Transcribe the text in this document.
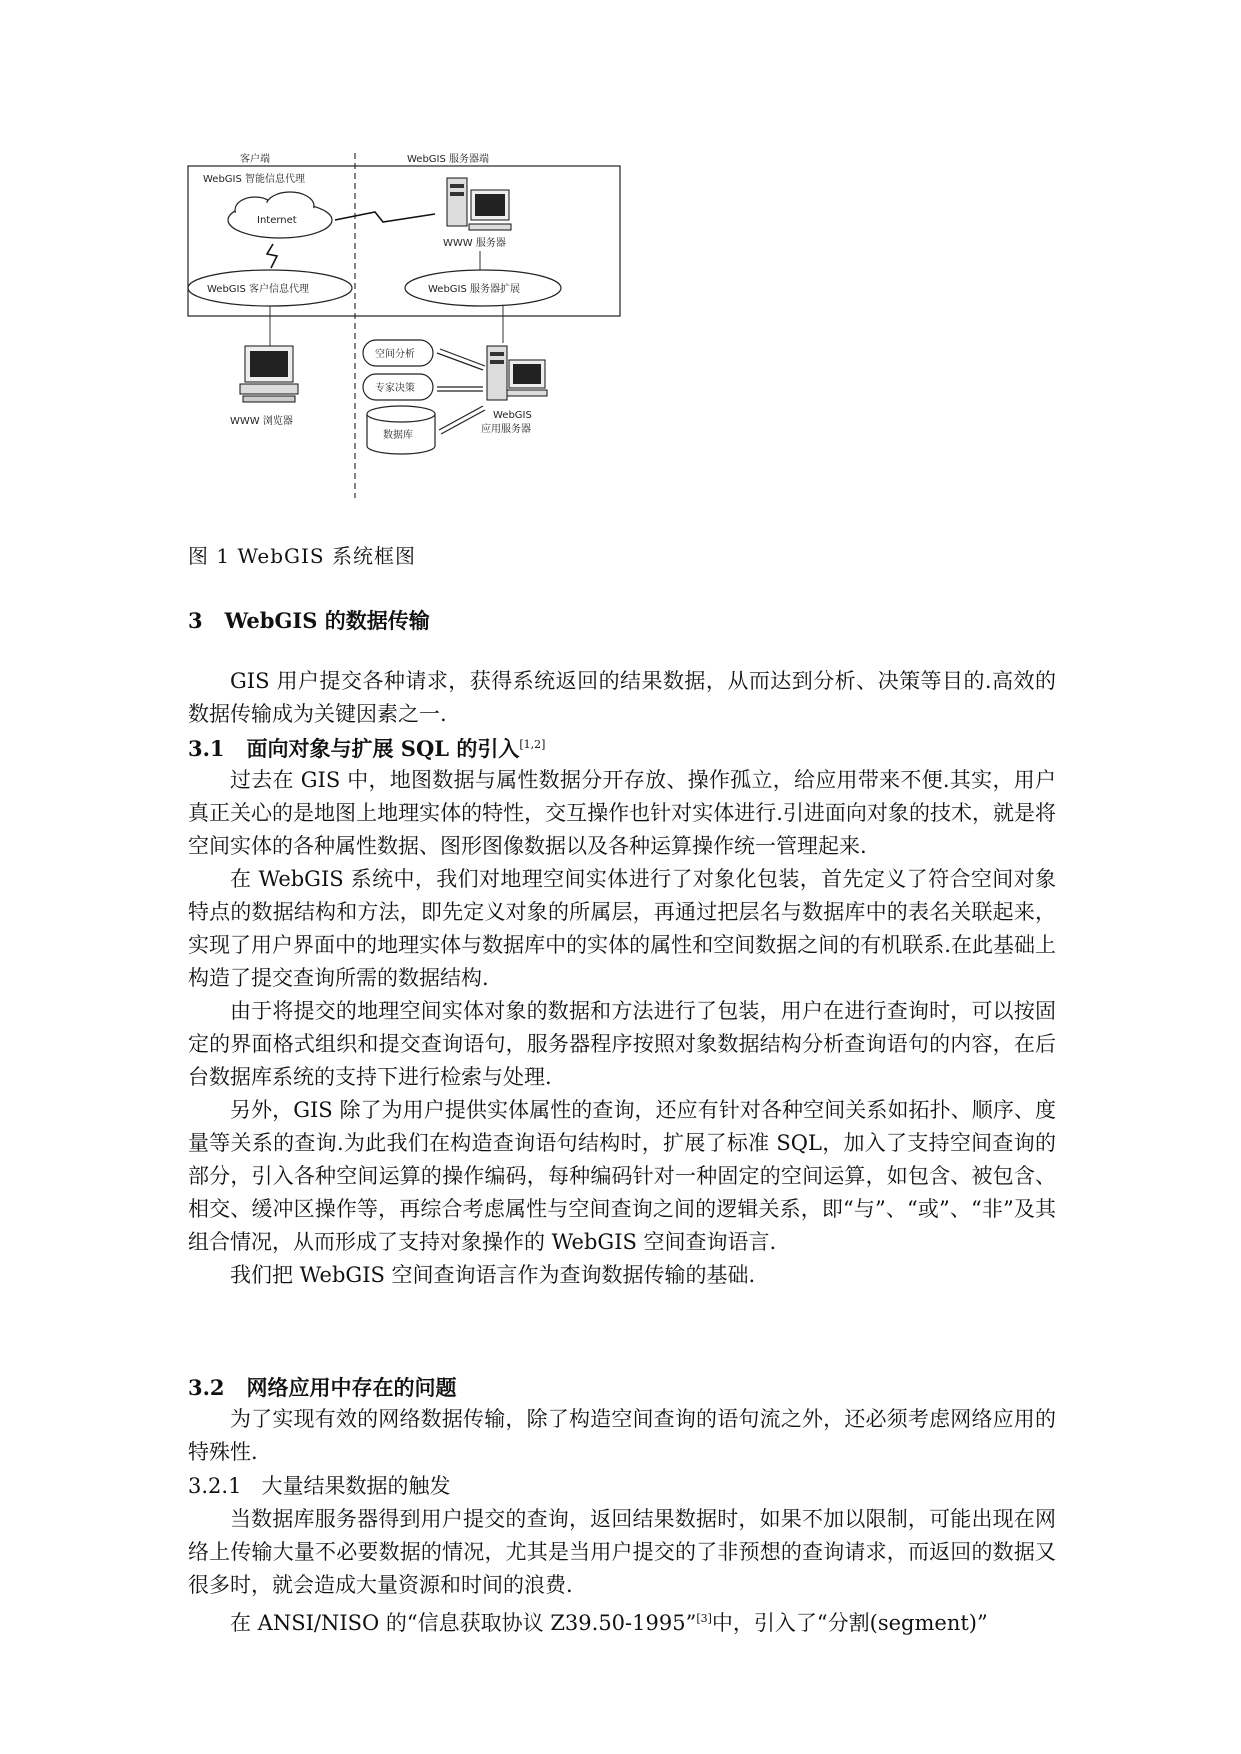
客户端	WebGIS 服务器端
WebGIS 智能信息代理
Internet
WWW 服务器
WebGIS 客户信息代理	WebGIS 服务器扩展
WWW 浏览器
空间分析
专家决策
数据库
WebGIS
应用服务器
图 1 WebGIS 系统框图
3 WebGIS 的数据传输

GIS 用户提交各种请求，获得系统返回的结果数据，从而达到分析、决策等目的.高效的数据传输成为关键因素之一.

3.1 面向对象与扩展 SQL 的引入[1,2]

过去在 GIS 中，地图数据与属性数据分开存放、操作孤立，给应用带来不便.其实，用户真正关心的是地图上地理实体的特性，交互操作也针对实体进行.引进面向对象的技术，就是将空间实体的各种属性数据、图形图像数据以及各种运算操作统一管理起来.

在 WebGIS 系统中，我们对地理空间实体进行了对象化包装，首先定义了符合空间对象特点的数据结构和方法，即先定义对象的所属层，再通过把层名与数据库中的表名关联起来，实现了用户界面中的地理实体与数据库中的实体的属性和空间数据之间的有机联系.在此基础上构造了提交查询所需的数据结构.

由于将提交的地理空间实体对象的数据和方法进行了包装，用户在进行查询时，可以按固定的界面格式组织和提交查询语句，服务器程序按照对象数据结构分析查询语句的内容，在后台数据库系统的支持下进行检索与处理.

另外，GIS 除了为用户提供实体属性的查询，还应有针对各种空间关系如拓扑、顺序、度量等关系的查询.为此我们在构造查询语句结构时，扩展了标准 SQL，加入了支持空间查询的部分，引入各种空间运算的操作编码，每种编码针对一种固定的空间运算，如包含、被包含、相交、缓冲区操作等，再综合考虑属性与空间查询之间的逻辑关系，即“与”、“或”、“非”及其组合情况，从而形成了支持对象操作的 WebGIS 空间查询语言.

我们把 WebGIS 空间查询语言作为查询数据传输的基础.

3.2 网络应用中存在的问题

为了实现有效的网络数据传输，除了构造空间查询的语句流之外，还必须考虑网络应用的特殊性.

3.2.1 大量结果数据的触发

当数据库服务器得到用户提交的查询，返回结果数据时，如果不加以限制，可能出现在网络上传输大量不必要数据的情况，尤其是当用户提交的了非预想的查询请求，而返回的数据又很多时，就会造成大量资源和时间的浪费.

在 ANSI/NISO 的“信息获取协议 Z39.50-1995”[3]中，引入了“分割(segment)”
